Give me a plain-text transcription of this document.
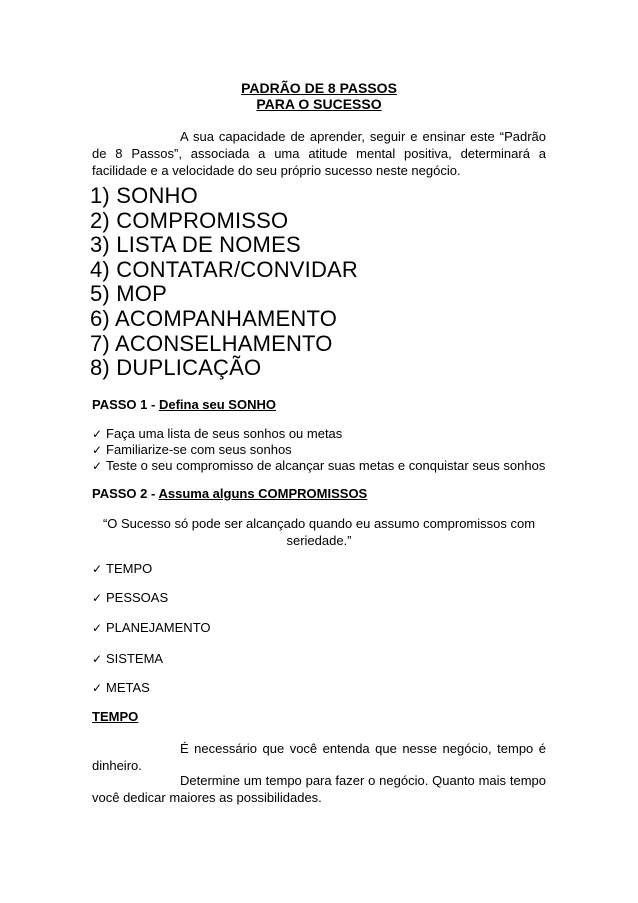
PADRÃO DE 8 PASSOS
PARA O SUCESSO

A sua capacidade de aprender, seguir e ensinar este “Padrão de 8 Passos”, associada a uma atitude mental positiva, determinará a facilidade e a velocidade do seu próprio sucesso neste negócio.

1) SONHO
2) COMPROMISSO
3) LISTA DE NOMES
4) CONTATAR/CONVIDAR
5) MOP
6) ACOMPANHAMENTO
7) ACONSELHAMENTO
8) DUPLICAÇÃO
PASSO 1 - Defina seu SONHO
✓ Faça uma lista de seus sonhos ou metas
✓ Familiarize-se com seus sonhos
✓ Teste o seu compromisso de alcançar suas metas e conquistar seus sonhos
PASSO 2 - Assuma alguns COMPROMISSOS
“O Sucesso só pode ser alcançado quando eu assumo compromissos com
seriedade.”
✓ TEMPO
✓ PESSOAS
✓ PLANEJAMENTO
✓ SISTEMA
✓ METAS
TEMPO

É necessário que você entenda que nesse negócio, tempo é dinheiro.

Determine um tempo para fazer o negócio. Quanto mais tempo você dedicar maiores as possibilidades.
